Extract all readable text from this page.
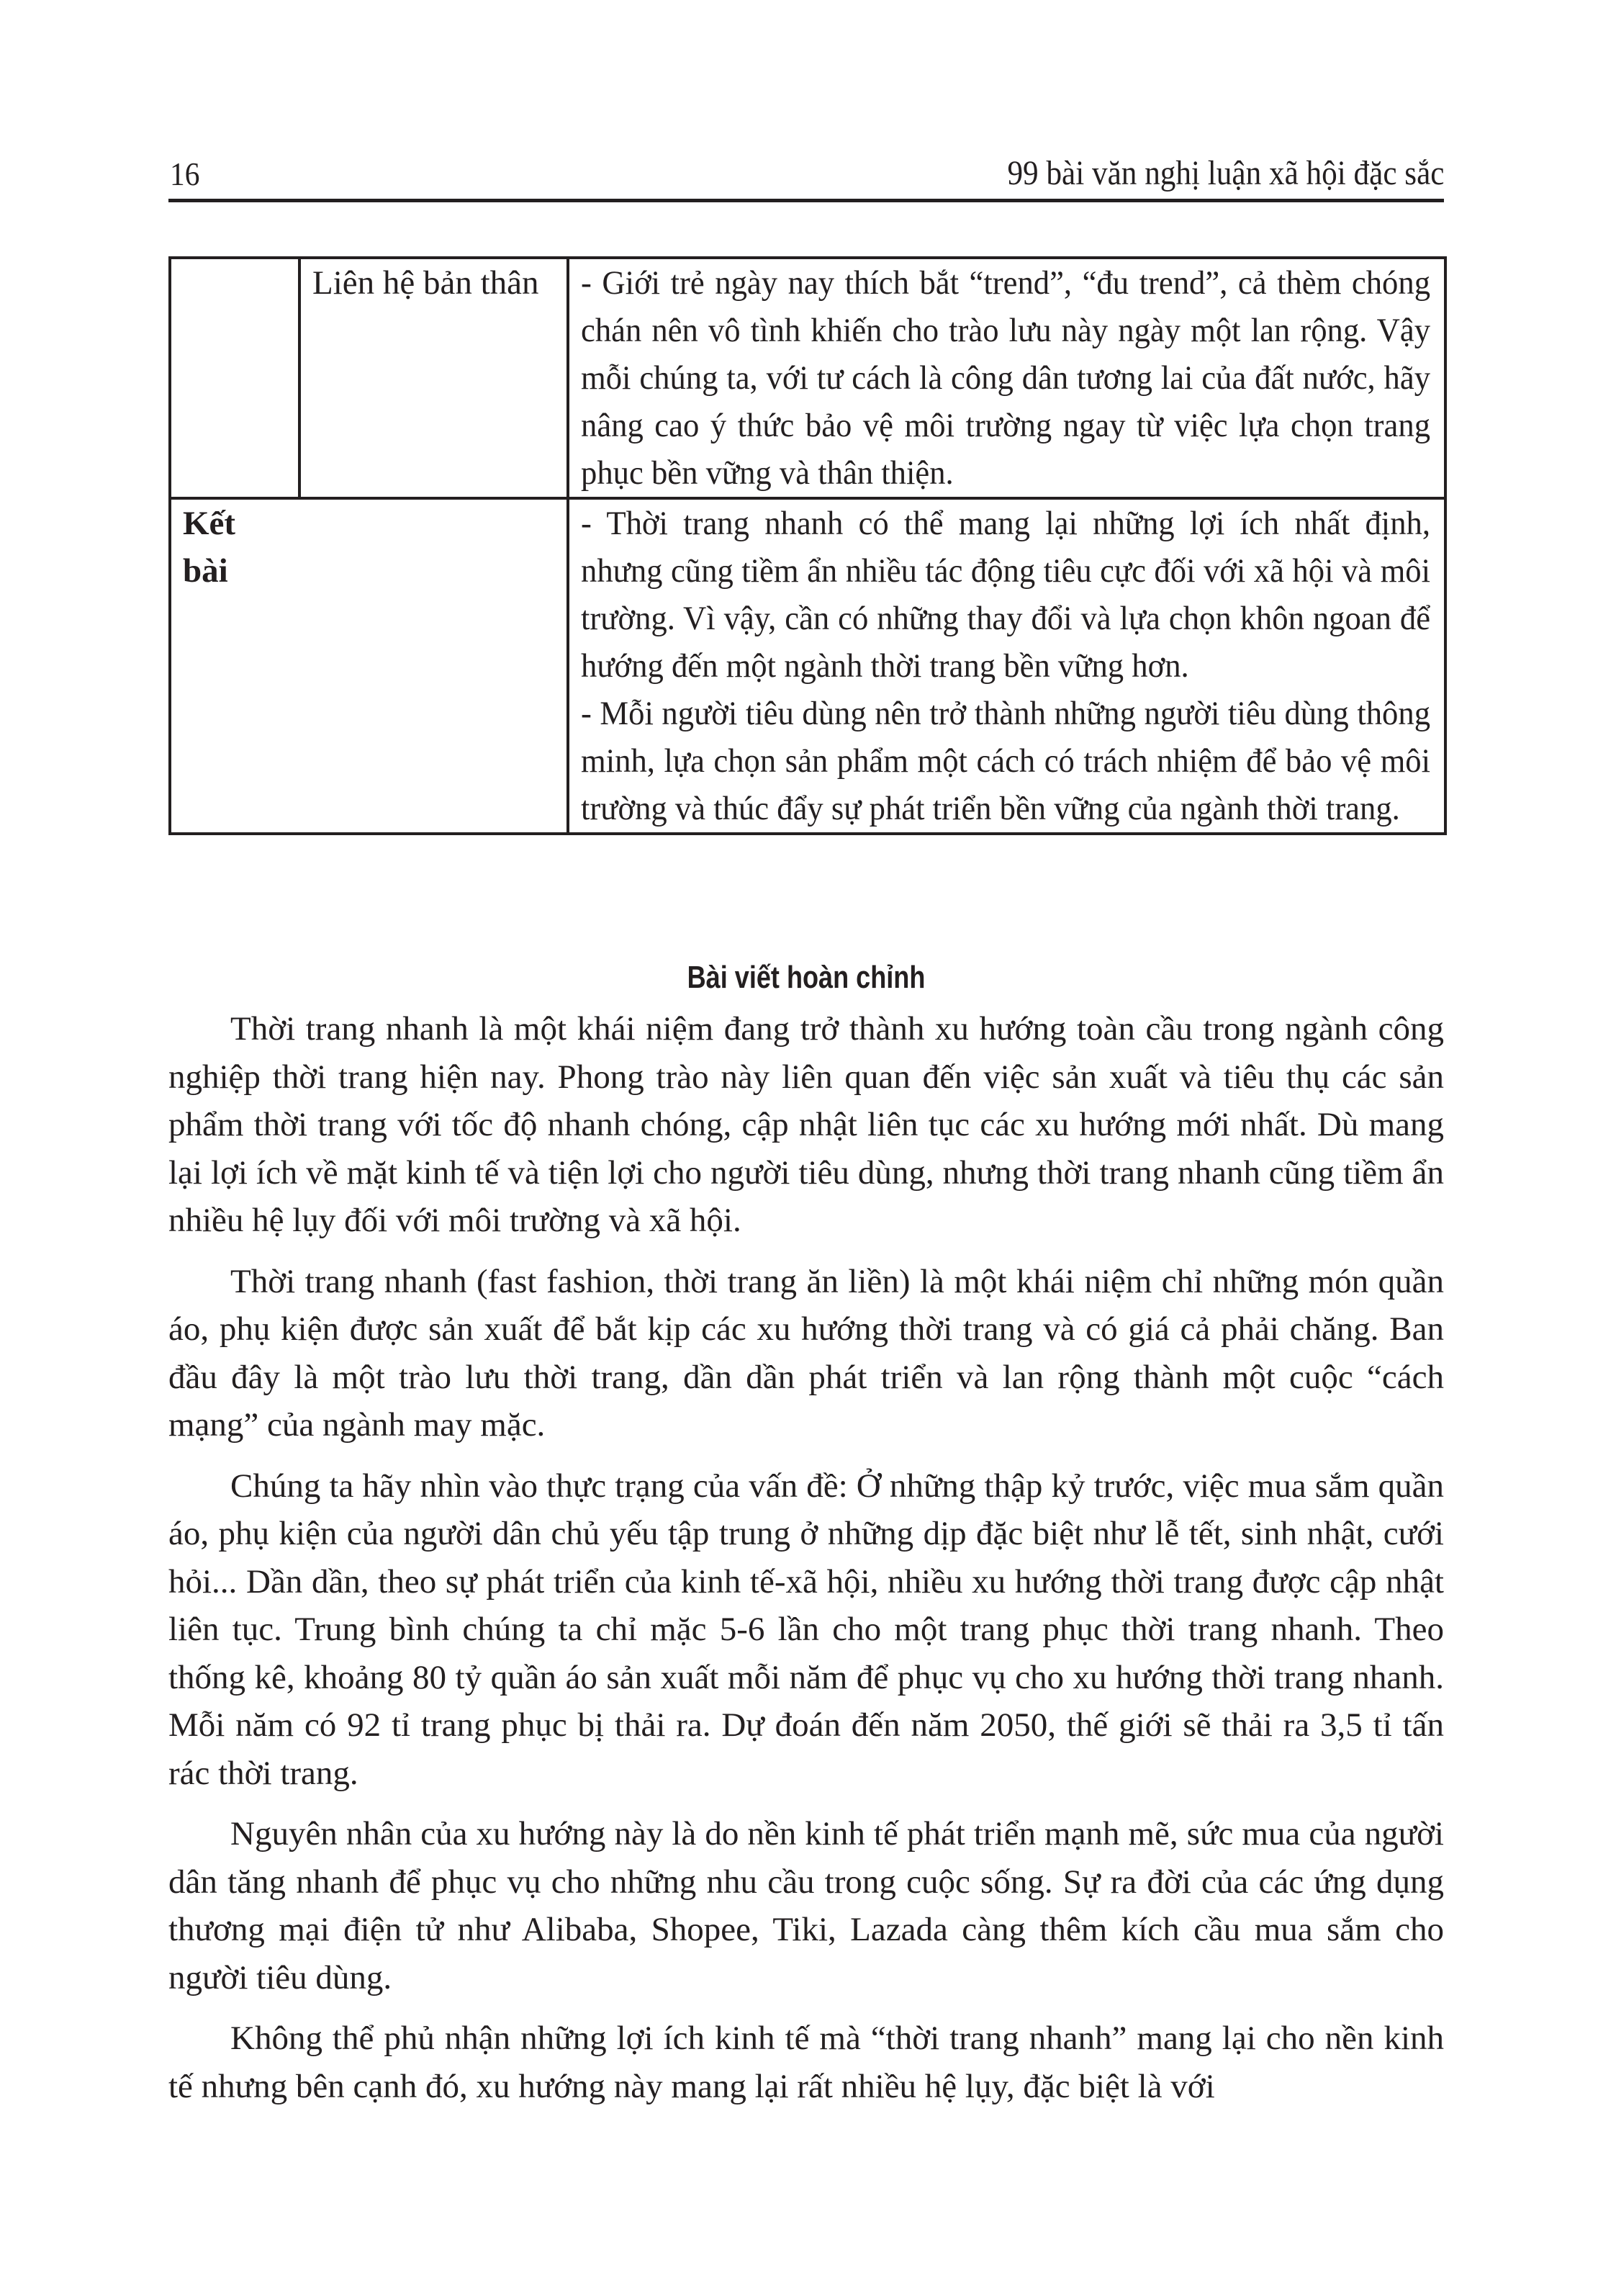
16	99 bài văn nghị luận xã hội đặc sắc

	Liên hệ bản thân	- Giới trẻ ngày nay thích bắt “trend”, “đu trend”, cả thèm chóng chán nên vô tình khiến cho trào lưu này ngày một lan rộng. Vậy mỗi chúng ta, với tư cách là công dân tương lai của đất nước, hãy nâng cao ý thức bảo vệ môi trường ngay từ việc lựa chọn trang phục bền vững và thân thiện.

Kết bài		- Thời trang nhanh có thể mang lại những lợi ích nhất định, nhưng cũng tiềm ẩn nhiều tác động tiêu cực đối với xã hội và môi trường. Vì vậy, cần có những thay đổi và lựa chọn khôn ngoan để hướng đến một ngành thời trang bền vững hơn.
- Mỗi người tiêu dùng nên trở thành những người tiêu dùng thông minh, lựa chọn sản phẩm một cách có trách nhiệm để bảo vệ môi trường và thúc đẩy sự phát triển bền vững của ngành thời trang.
Bài viết hoàn chỉnh

Thời trang nhanh là một khái niệm đang trở thành xu hướng toàn cầu trong ngành công nghiệp thời trang hiện nay. Phong trào này liên quan đến việc sản xuất và tiêu thụ các sản phẩm thời trang với tốc độ nhanh chóng, cập nhật liên tục các xu hướng mới nhất. Dù mang lại lợi ích về mặt kinh tế và tiện lợi cho người tiêu dùng, nhưng thời trang nhanh cũng tiềm ẩn nhiều hệ lụy đối với môi trường và xã hội.

Thời trang nhanh (fast fashion, thời trang ăn liền) là một khái niệm chỉ những món quần áo, phụ kiện được sản xuất để bắt kịp các xu hướng thời trang và có giá cả phải chăng. Ban đầu đây là một trào lưu thời trang, dần dần phát triển và lan rộng thành một cuộc “cách mạng” của ngành may mặc.

Chúng ta hãy nhìn vào thực trạng của vấn đề: Ở những thập kỷ trước, việc mua sắm quần áo, phụ kiện của người dân chủ yếu tập trung ở những dịp đặc biệt như lễ tết, sinh nhật, cưới hỏi... Dần dần, theo sự phát triển của kinh tế-xã hội, nhiều xu hướng thời trang được cập nhật liên tục. Trung bình chúng ta chỉ mặc 5-6 lần cho một trang phục thời trang nhanh. Theo thống kê, khoảng 80 tỷ quần áo sản xuất mỗi năm để phục vụ cho xu hướng thời trang nhanh. Mỗi năm có 92 tỉ trang phục bị thải ra. Dự đoán đến năm 2050, thế giới sẽ thải ra 3,5 tỉ tấn rác thời trang.

Nguyên nhân của xu hướng này là do nền kinh tế phát triển mạnh mẽ, sức mua của người dân tăng nhanh để phục vụ cho những nhu cầu trong cuộc sống. Sự ra đời của các ứng dụng thương mại điện tử như Alibaba, Shopee, Tiki, Lazada càng thêm kích cầu mua sắm cho người tiêu dùng.

Không thể phủ nhận những lợi ích kinh tế mà “thời trang nhanh” mang lại cho nền kinh tế nhưng bên cạnh đó, xu hướng này mang lại rất nhiều hệ lụy, đặc biệt là với
